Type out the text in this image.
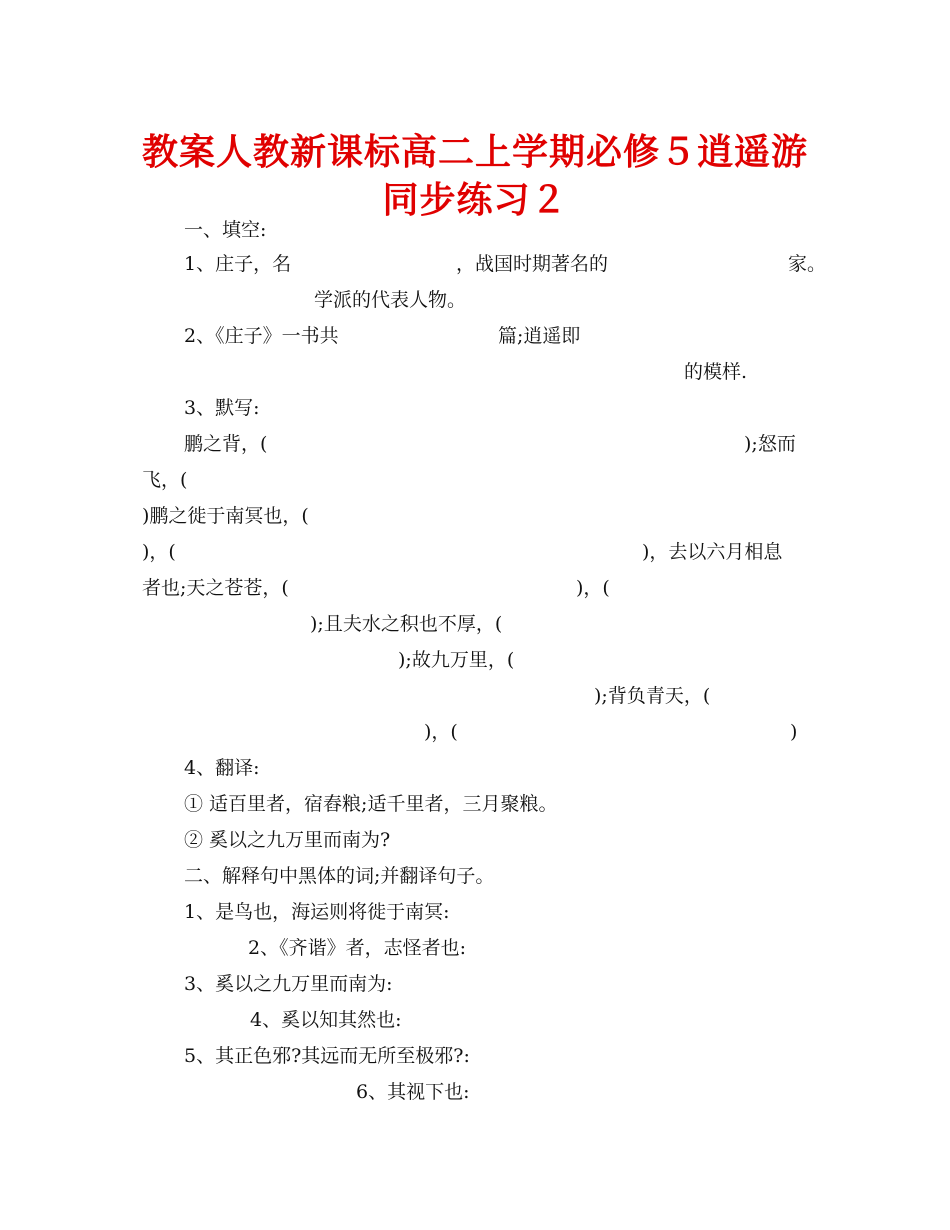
教案人教新课标高二上学期必修５逍遥游
同步练习２
一、填空:
1、庄子，名	，战国时期著名的	家。
学派的代表人物。
2、《庄子》一书共	篇;逍遥即
的模样.
3、默写:
鹏之背，(	);怒而
飞，(
)鹏之徙于南冥也，(
)，(	)，去以六月相息
者也;天之苍苍，(	)，(
);且夫水之积也不厚，(
);故九万里，(
);背负青天，(
)，(	)
4、翻译:
① 适百里者，宿舂粮;适千里者，三月聚粮。
② 奚以之九万里而南为?
二、解释句中黑体的词;并翻译句子。
1、是鸟也，海运则将徙于南冥:
2、《齐谐》者，志怪者也:
3、奚以之九万里而南为:
4、奚以知其然也:
5、其正色邪?其远而无所至极邪?:
6、其视下也:
